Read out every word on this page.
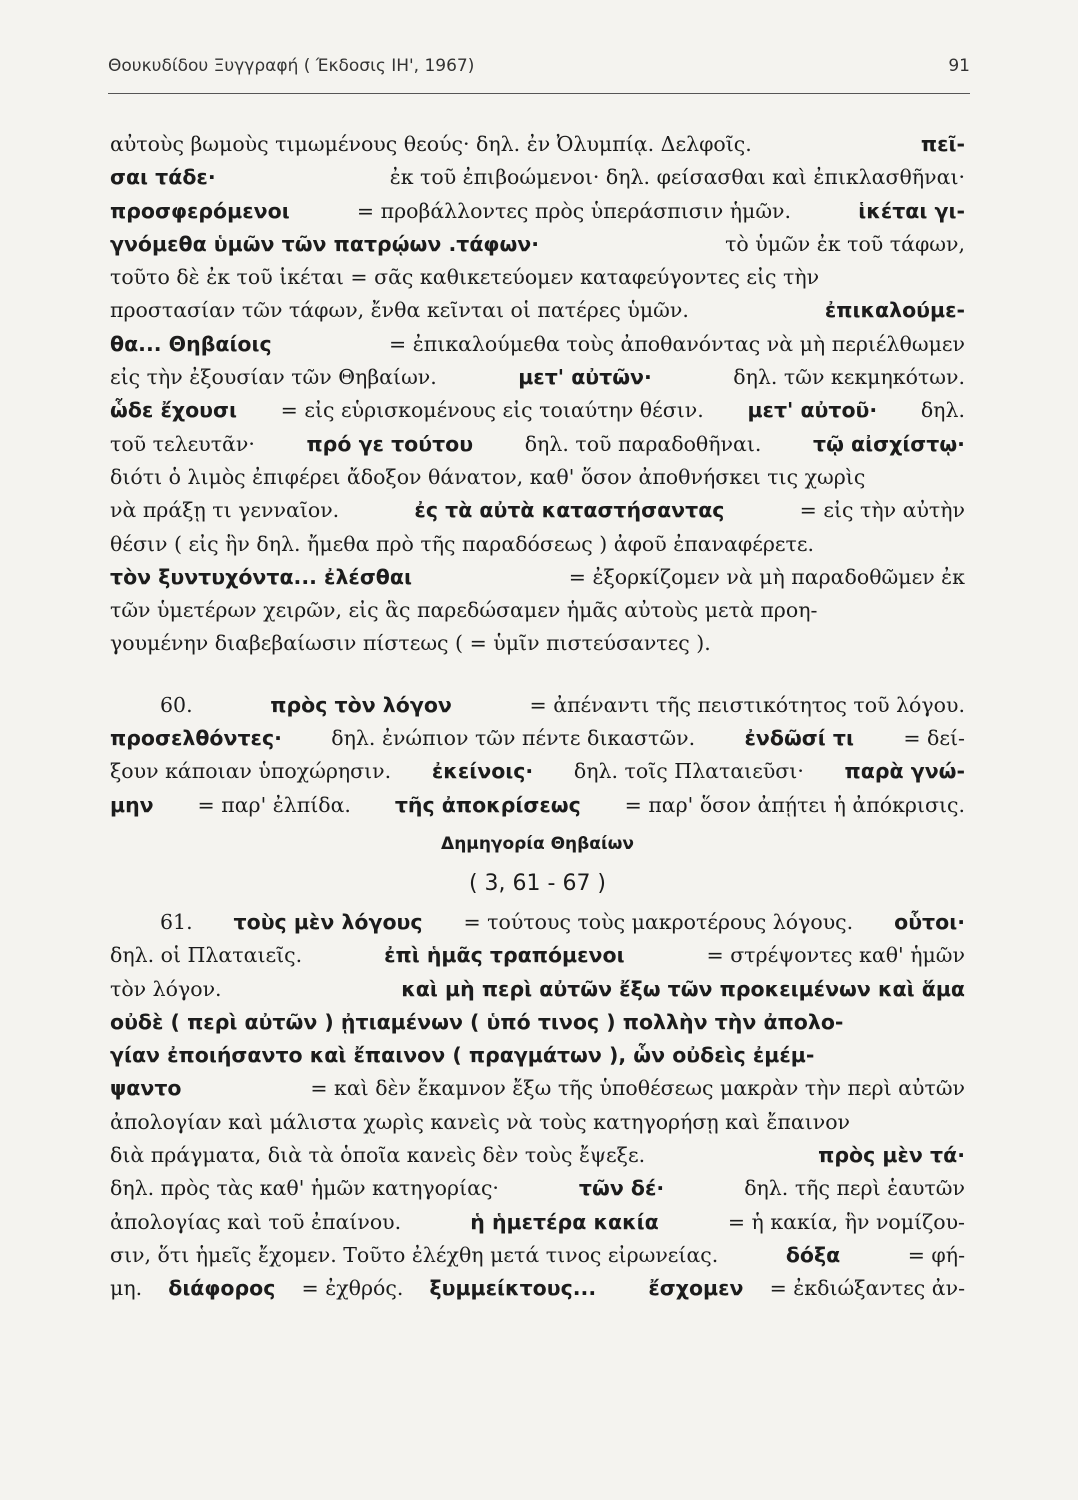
Θουκυδίδου Ξυγγραφή ( Έκδοσις ΙΗ', 1967)	91
αὐτοὺς βωμοὺς τιμωμένους θεούς· δηλ. ἐν Ὀλυμπίᾳ. Δελφοῖς.	πεῖ-
σαι τάδε·	ἐκ τοῦ ἐπιβοώμενοι· δηλ. φείσασθαι καὶ ἐπικλασθῆναι·
προσφερόμενοι	= προβάλλοντες πρὸς ὑπεράσπισιν ἡμῶν.	ἱκέται γι-
γνόμεθα ὑμῶν τῶν πατρῴων .τάφων·	τὸ ὑμῶν ἐκ τοῦ τάφων,
τοῦτο δὲ ἐκ τοῦ ἱκέται = σᾶς καθικετεύομεν καταφεύγοντες εἰς τὴν
προστασίαν τῶν τάφων, ἔνθα κεῖνται οἱ πατέρες ὑμῶν.	ἐπικαλούμε-
θα... Θηβαίοις	= ἐπικαλούμεθα τοὺς ἀποθανόντας νὰ μὴ περιέλθωμεν
εἰς τὴν ἐξουσίαν τῶν Θηβαίων.	μετ' αὐτῶν·	δηλ. τῶν κεκμηκότων.
ὧδε ἔχουσι = εἰς εὑρισκομένους εἰς τοιαύτην θέσιν. μετ' αὐτοῦ· δηλ.
τοῦ τελευτᾶν·	πρό γε τούτου	δηλ. τοῦ παραδοθῆναι.	τῷ αἰσχίστῳ·
διότι ὁ λιμὸς ἐπιφέρει ἄδοξον θάνατον, καθ' ὅσον ἀποθνήσκει τις χωρὶς
νὰ πράξῃ τι γενναῖον.	ἐς τὰ αὐτὰ καταστήσαντας	= εἰς τὴν αὐτὴν
θέσιν ( εἰς ἣν δηλ. ἤμεθα πρὸ τῆς παραδόσεως ) ἀφοῦ ἐπαναφέρετε.
τὸν ξυντυχόντα... ἐλέσθαι	= ἐξορκίζομεν νὰ μὴ παραδοθῶμεν ἐκ
τῶν ὑμετέρων χειρῶν, εἰς ἃς παρεδώσαμεν ἡμᾶς αὐτοὺς μετὰ προη-
γουμένην διαβεβαίωσιν πίστεως ( = ὑμῖν πιστεύσαντες ).
60.	πρὸς τὸν λόγον	= ἀπέναντι τῆς πειστικότητος τοῦ λόγου.
προσελθόντες· δηλ. ἐνώπιον τῶν πέντε δικαστῶν. ἐνδῶσί τι = δεί-
ξουν κάποιαν ὑποχώρησιν. ἐκείνοις· δηλ. τοῖς Πλαταιεῦσι· παρὰ γνώ-
μην = παρ' ἐλπίδα. τῆς ἀποκρίσεως = παρ' ὅσον ἀπῄτει ἡ ἀπόκρισις.
Δημηγορία Θηβαίων
( 3, 61 - 67 )
61. τοὺς μὲν λόγους = τούτους τοὺς μακροτέρους λόγους. οὗτοι·
δηλ. οἱ Πλαταιεῖς.	ἐπὶ ἡμᾶς τραπόμενοι	= στρέψοντες καθ' ἡμῶν
τὸν λόγον.	καὶ μὴ περὶ αὐτῶν ἔξω τῶν προκειμένων καὶ ἅμα
οὐδὲ ( περὶ αὐτῶν ) ᾐτιαμένων ( ὑπό τινος ) πολλὴν τὴν ἀπολο-
γίαν ἐποιήσαντο καὶ ἔπαινον ( πραγμάτων ), ὧν οὐδεὶς ἐμέμ-
ψαντο	= καὶ δὲν ἔκαμνον ἔξω τῆς ὑποθέσεως μακρὰν τὴν περὶ αὐτῶν
ἀπολογίαν καὶ μάλιστα χωρὶς κανεὶς νὰ τοὺς κατηγορήσῃ καὶ ἔπαινον
διὰ πράγματα, διὰ τὰ ὁποῖα κανεὶς δὲν τοὺς ἔψεξε.	πρὸς μὲν τά·
δηλ. πρὸς τὰς καθ' ἡμῶν κατηγορίας·	τῶν δέ·	δηλ. τῆς περὶ ἑαυτῶν
ἀπολογίας καὶ τοῦ ἐπαίνου.	ἡ ἡμετέρα κακία	= ἡ κακία, ἣν νομίζου-
σιν, ὅτι ἡμεῖς ἔχομεν. Τοῦτο ἐλέχθη μετά τινος εἰρωνείας.	δόξα	= φή-
μη. διάφορος = ἐχθρός. ξυμμείκτους...	ἔσχομεν = ἐκδιώξαντες ἀν-
